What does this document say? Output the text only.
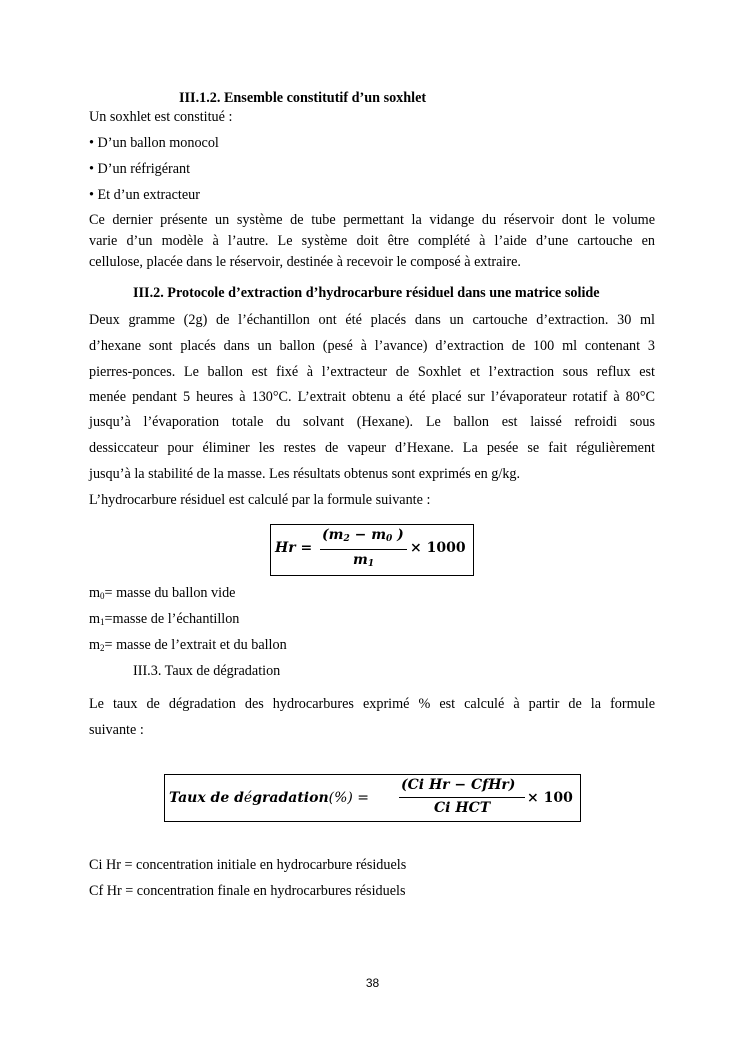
III.1.2. Ensemble constitutif d’un soxhlet
Un soxhlet est constitué :
• D’un ballon monocol
• D’un réfrigérant
• Et d’un extracteur
Ce dernier présente un système de tube permettant la vidange du réservoir dont le volume
varie d’un modèle à l’autre. Le système doit être complété à l’aide d’une cartouche en
cellulose, placée dans le réservoir, destinée à recevoir le composé à extraire.
III.2. Protocole d’extraction d’hydrocarbure résiduel dans une matrice solide
Deux gramme (2g) de l’échantillon ont été placés dans un cartouche d’extraction. 30 ml
d’hexane sont placés dans un ballon (pesé à l’avance) d’extraction de 100 ml contenant 3
pierres-ponces. Le ballon est fixé à l’extracteur de Soxhlet et l’extraction sous reflux est
menée pendant 5 heures à 130°C. L’extrait obtenu a été placé sur l’évaporateur rotatif à 80°C
jusqu’à l’évaporation totale du solvant (Hexane). Le ballon est laissé refroidi sous
dessiccateur pour éliminer les restes de vapeur d’Hexane. La pesée se fait régulièrement
jusqu’à la stabilité de la masse. Les résultats obtenus sont exprimés en g/kg.
L’hydrocarbure résiduel est calculé par la formule suivante :
Hr =
($m_2 - m_0$ )
$m_1$
× 1000
$m_0=$ masse du ballon vide
$m_1=masse$ de l’échantillon
$m_2=$ masse de l’extrait et du ballon
III.3. Taux de dégradation
Le taux de dégradation des hydrocarbures exprimé % est calculé à partir de la formule
suivante :
Taux de dégradation(%) =
(Ci Hr − CfHr)
Ci HCT
× 100
Ci Hr = concentration initiale en hydrocarbure résiduels
Cf Hr = concentration finale en hydrocarbures résiduels
38
